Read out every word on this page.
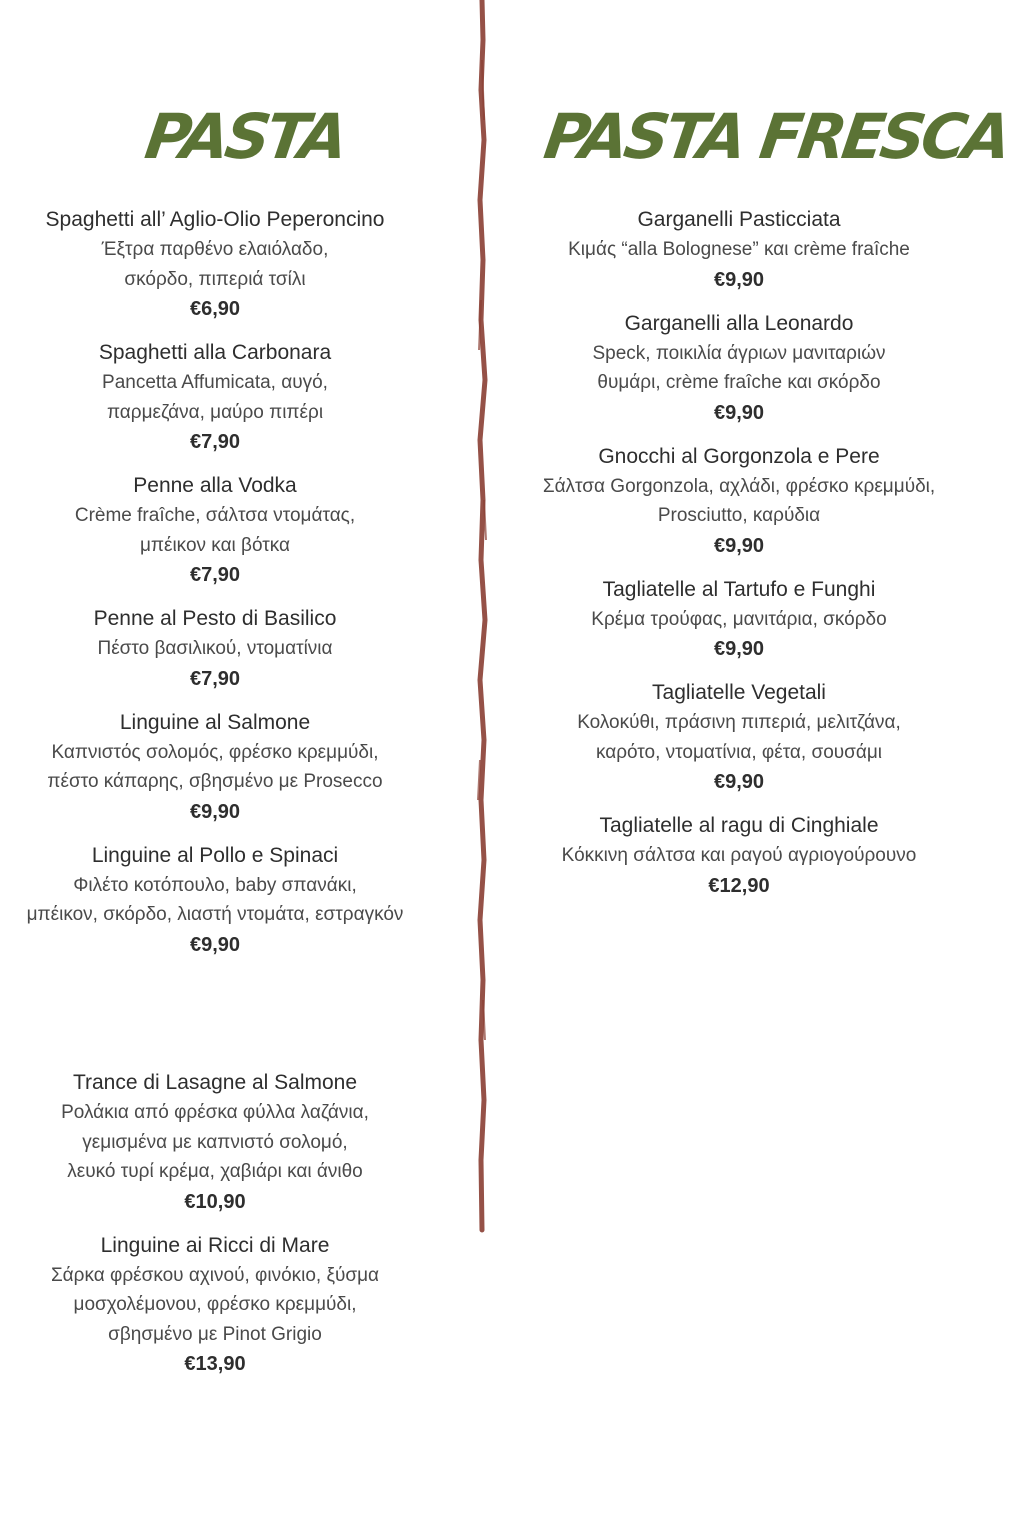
PASTA	PASTA FRESCA
Spaghetti all’ Aglio-Olio Peperoncino
Έξτρα παρθένο ελαιόλαδο,
σκόρδο, πιπεριά τσίλι
€6,90
Spaghetti alla Carbonara
Pancetta Affumicata, αυγό,
παρμεζάνα, μαύρο πιπέρι
€7,90
Penne alla Vodka
Crème fraîche, σάλτσα ντομάτας,
μπέικον και βότκα
€7,90
Penne al Pesto di Basilico
Πέστο βασιλικού, ντοματίνια
€7,90
Linguine al Salmone
Καπνιστός σολομός, φρέσκο κρεμμύδι,
πέστο κάπαρης, σβησμένο με Prosecco
€9,90
Linguine al Pollo e Spinaci
Φιλέτο κοτόπουλο, baby σπανάκι,
μπέικον, σκόρδο, λιαστή ντομάτα, εστραγκόν
€9,90
Trance di Lasagne al Salmone
Ρολάκια από φρέσκα φύλλα λαζάνια,
γεμισμένα με καπνιστό σολομό,
λευκό τυρί κρέμα, χαβιάρι και άνιθο
€10,90
Linguine ai Ricci di Mare
Σάρκα φρέσκου αχινού, φινόκιο, ξύσμα
μοσχολέμονου, φρέσκο κρεμμύδι,
σβησμένο με Pinot Grigio
€13,90
Garganelli Pasticciata
Κιμάς “alla Bolognese” και crème fraîche
€9,90
Garganelli alla Leonardo
Speck, ποικιλία άγριων μανιταριών
θυμάρι, crème fraîche και σκόρδο
€9,90
Gnocchi al Gorgonzola e Pere
Σάλτσα Gorgonzola, αχλάδι, φρέσκο κρεμμύδι,
Prosciutto, καρύδια
€9,90
Tagliatelle al Tartufo e Funghi
Κρέμα τρούφας, μανιτάρια, σκόρδο
€9,90
Tagliatelle Vegetali
Κολοκύθι, πράσινη πιπεριά, μελιτζάνα,
καρότο, ντοματίνια, φέτα, σουσάμι
€9,90
Tagliatelle al ragu di Cinghiale
Κόκκινη σάλτσα και ραγού αγριογούρουνο
€12,90
